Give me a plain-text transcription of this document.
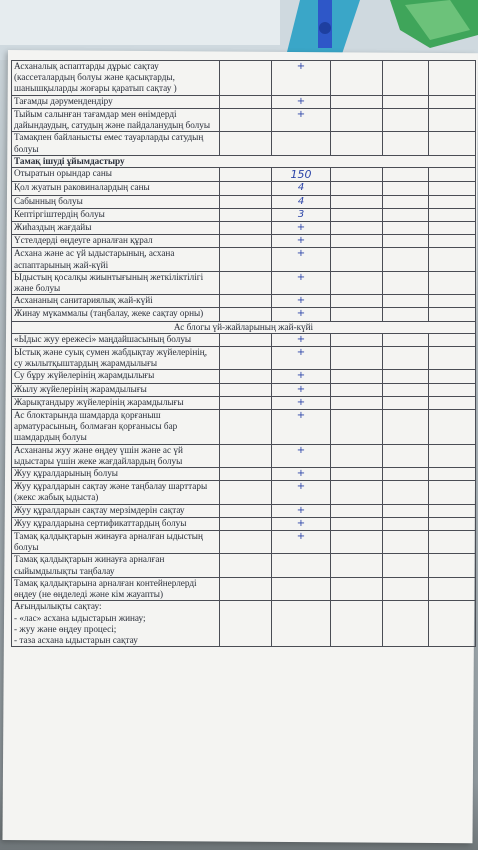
Асханалық аспаптарды дұрыс сақтау (кассеталардың болуы және қасықтарды, шанышқыларды жоғары қаратып сақтау )		+			

Тағамды дәрумендендіру		+			

Тыйым салынған тағамдар мен өнімдерді дайындаудың, сатудың және пайдаланудың болуы		+			

Тамақпен байланысты емес тауарларды сатудың болуы					
Тамақ ішуді ұйымдастыру					
Отыратын орындар саны		150			

Қол жуатын раковиналардың саны		4			

Сабынның болуы		4			

Кептіргіштердің болуы		3			

Жиһаздың жағдайы		+			

Үстелдерді өңдеуге арналған құрал		+			

Асхана және ас үй ыдыстарының, асхана аспаптарының жай-күйі		+			

Ыдыстың қосалқы жиынтығының жеткіліктілігі және болуы		+			

Асхананың санитариялық жай-күйі		+			

Жинау мүкаммалы (таңбалау, жеке сақтау орны)		+			

Ас блогы үй-жайларының жай-күйі					
«Ыдыс жуу ережесі» маңдайшасының болуы		+			

Ыстық және суық сумен жабдықтау жүйелерінің, су жылытқыштардың жарамдылығы		+			

Су бұру жүйелерінің жарамдылығы		+			

Жылу жүйелерінің жарамдылығы		+			

Жарықтандыру жүйелерінің жарамдылығы		+			

Ас блоктарында шамдарда қорғаныш арматурасының, болмаған қорғанысы бар шамдардың болуы		+			

Асхананы жуу және өңдеу үшін және ас үй ыдыстары үшін жеке жағдайлардың болуы		+			

Жуу құралдарының болуы		+			

Жуу құралдарын сақтау және таңбалау шарттары (жекс жабық ыдыста)		+			

Жуу құралдарын сақтау мерзімдерін сақтау		+			

Жуу құралдарына сертификаттардың болуы		+			

Тамақ қалдықтарын жинауға арналған ыдыстың болуы		+			

Тамақ қалдықтарын жинауға арналған сыйымдылықты таңбалау					
Тамақ қалдықтарына арналған контейнерлерді өңдеу (не өңделеді және кім жауапты)					
Ағындылықты сақтау:
- «лас» асхана ыдыстарын жинау;
- жуу және өңдеу процесі;
- таза асхана ыдыстарын сақтау					
